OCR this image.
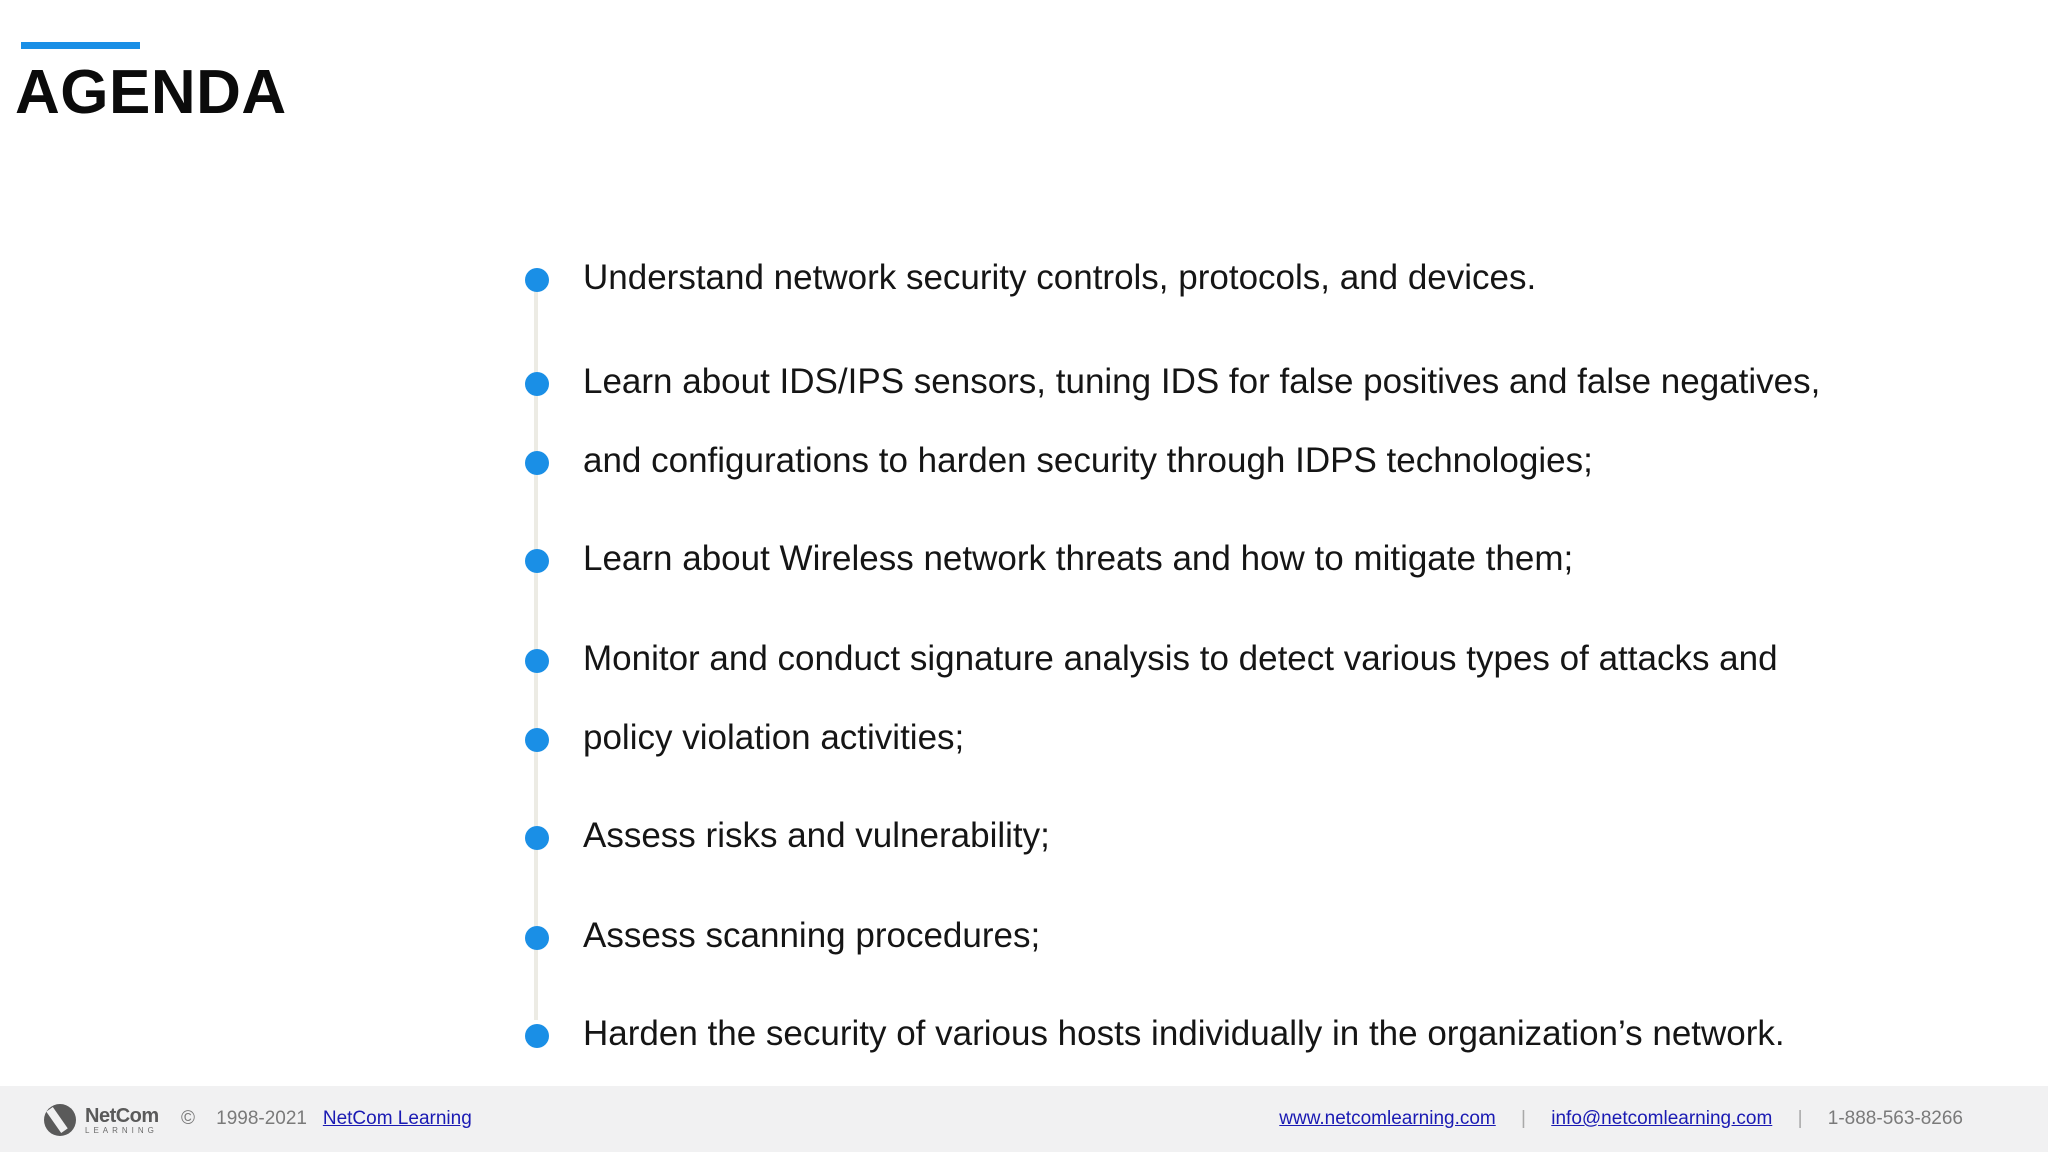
AGENDA
Understand network security controls, protocols, and devices.
Learn about IDS/IPS sensors, tuning IDS for false positives and false negatives,
and configurations to harden security through IDPS technologies;
Learn about Wireless network threats and how to mitigate them;
Monitor and conduct signature analysis to detect various types of attacks and
policy violation activities;
Assess risks and vulnerability;
Assess scanning procedures;
Harden the security of various hosts individually in the organization’s network.
NetCom
LEARNING
© 1998-2021 NetCom Learning	www.netcomlearning.com | info@netcomlearning.com | 1-888-563-8266
